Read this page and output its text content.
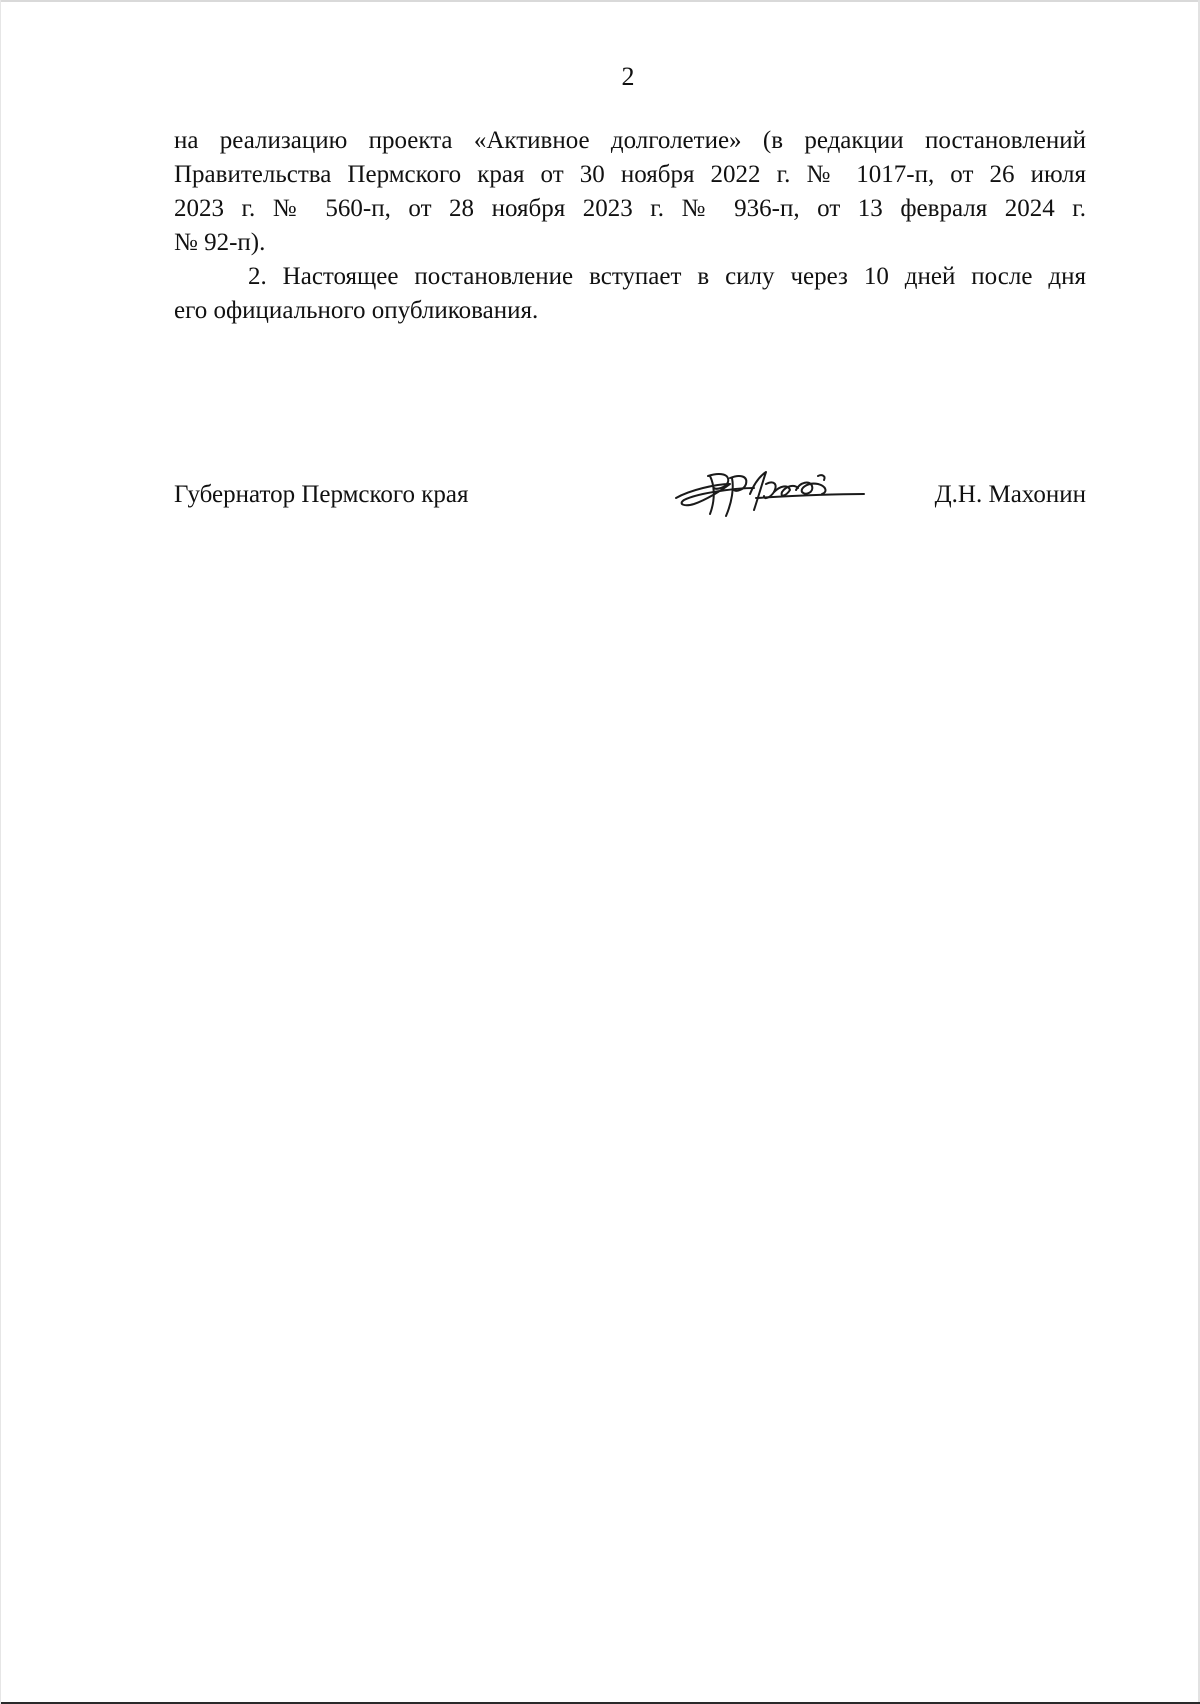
2

на реализацию проекта «Активное долголетие» (в редакции постановлений
Правительства Пермского края от 30 ноября 2022 г. № 1017-п, от 26 июля
2023 г. № 560-п, от 28 ноября 2023 г. № 936-п, от 13 февраля 2024 г.
№ 92-п).

2. Настоящее постановление вступает в силу через 10 дней после дня
его официального опубликования.

Губернатор Пермского края	Д.Н. Махонин
